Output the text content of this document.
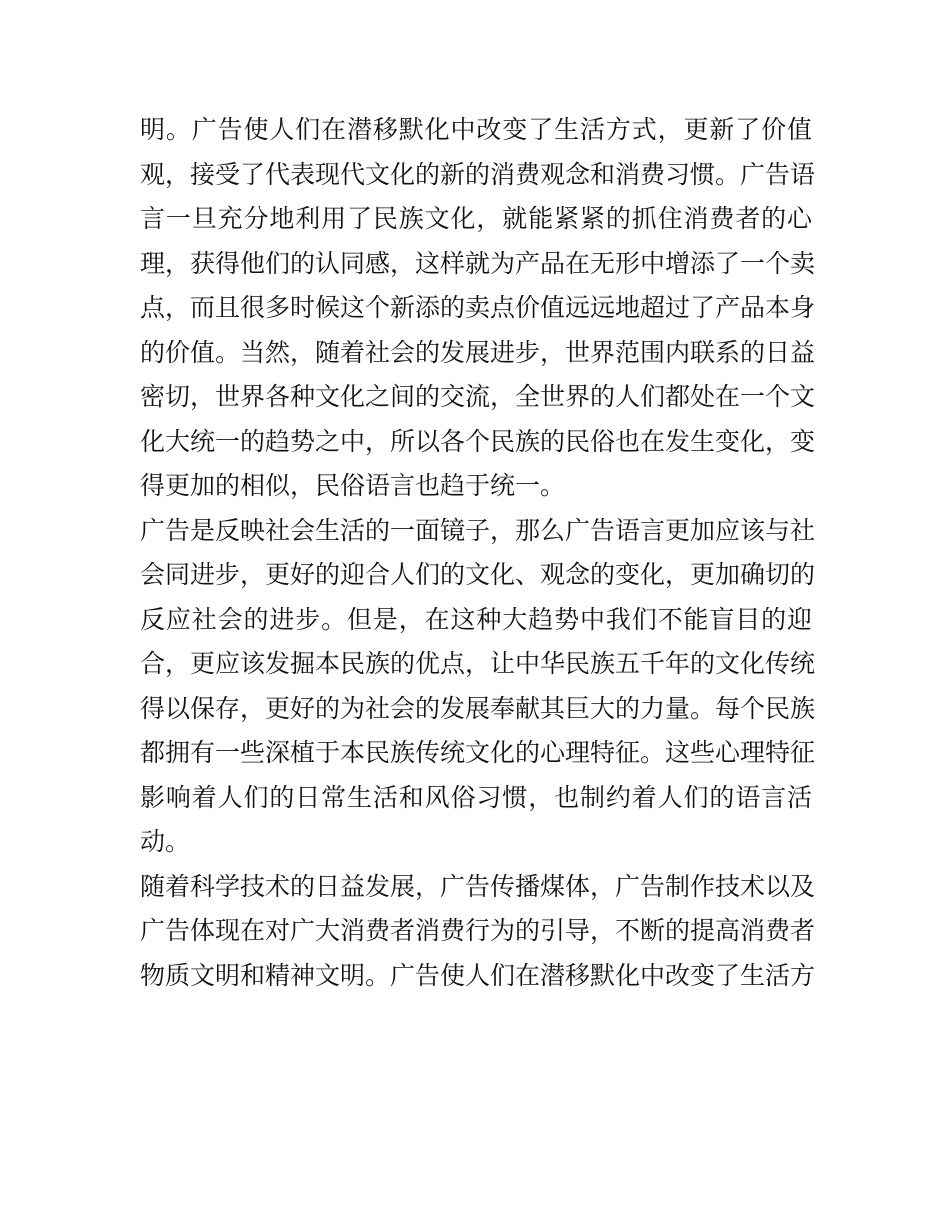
明。广告使人们在潜移默化中改变了生活方式，更新了价值
观，接受了代表现代文化的新的消费观念和消费习惯。广告语
言一旦充分地利用了民族文化，就能紧紧的抓住消费者的心
理，获得他们的认同感，这样就为产品在无形中增添了一个卖
点，而且很多时候这个新添的卖点价值远远地超过了产品本身
的价值。当然，随着社会的发展进步，世界范围内联系的日益
密切，世界各种文化之间的交流，全世界的人们都处在一个文
化大统一的趋势之中，所以各个民族的民俗也在发生变化，变
得更加的相似，民俗语言也趋于统一。
广告是反映社会生活的一面镜子，那么广告语言更加应该与社
会同进步，更好的迎合人们的文化、观念的变化，更加确切的
反应社会的进步。但是，在这种大趋势中我们不能盲目的迎
合，更应该发掘本民族的优点，让中华民族五千年的文化传统
得以保存，更好的为社会的发展奉献其巨大的力量。每个民族
都拥有一些深植于本民族传统文化的心理特征。这些心理特征
影响着人们的日常生活和风俗习惯，也制约着人们的语言活
动。
随着科学技术的日益发展，广告传播煤体，广告制作技术以及
广告体现在对广大消费者消费行为的引导，不断的提高消费者
物质文明和精神文明。广告使人们在潜移默化中改变了生活方
